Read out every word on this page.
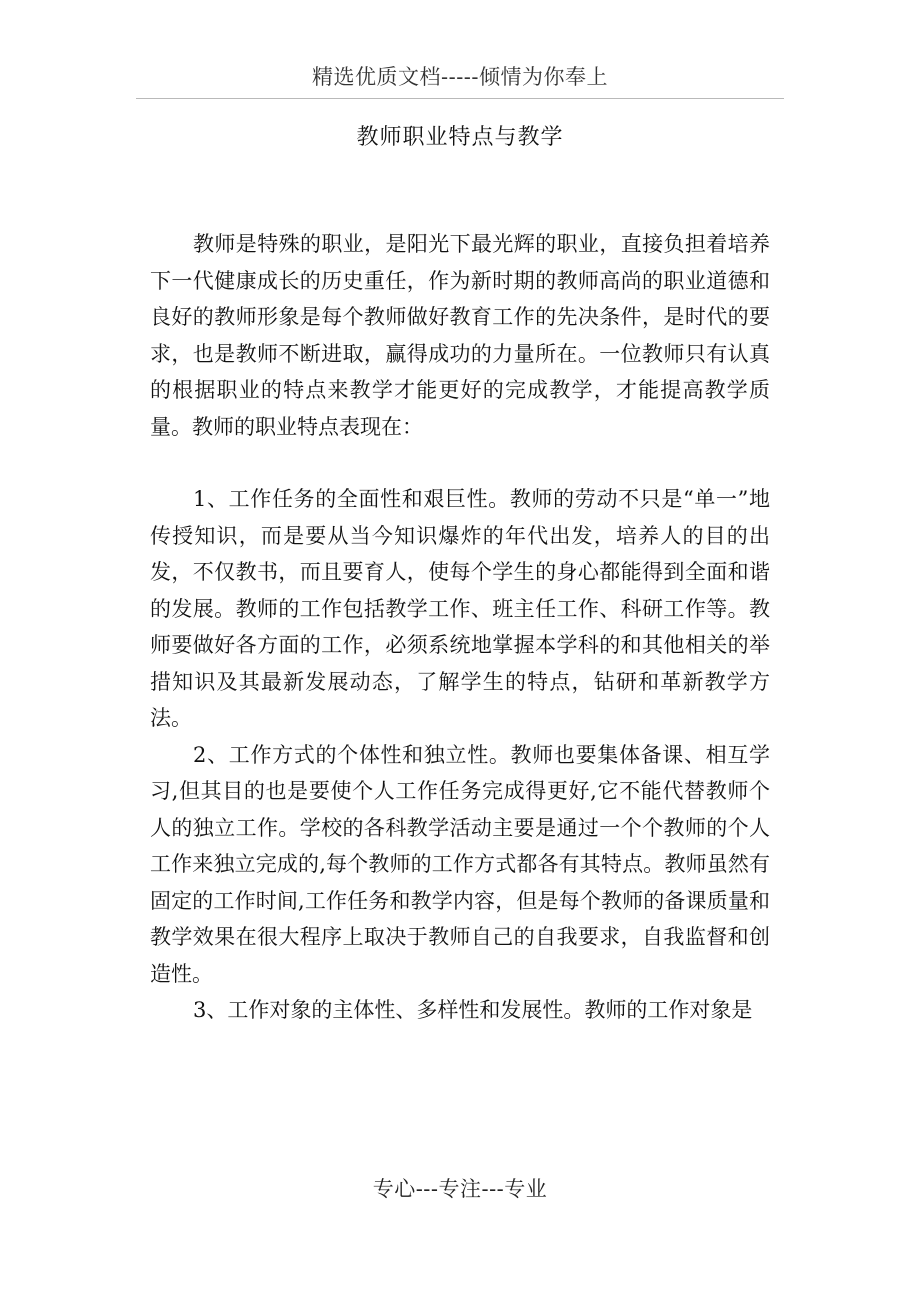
精选优质文档-----倾情为你奉上
教师职业特点与教学

教师是特殊的职业，是阳光下最光辉的职业，直接负担着培养下一代健康成长的历史重任，作为新时期的教师高尚的职业道德和良好的教师形象是每个教师做好教育工作的先决条件，是时代的要求，也是教师不断进取，赢得成功的力量所在。一位教师只有认真的根据职业的特点来教学才能更好的完成教学，才能提高教学质量。教师的职业特点表现在：

1、工作任务的全面性和艰巨性。教师的劳动不只是“单一”地传授知识，而是要从当今知识爆炸的年代出发，培养人的目的出发，不仅教书，而且要育人，使每个学生的身心都能得到全面和谐的发展。教师的工作包括教学工作、班主任工作、科研工作等。教师要做好各方面的工作，必须系统地掌握本学科的和其他相关的举措知识及其最新发展动态，了解学生的特点，钻研和革新教学方法。

2、工作方式的个体性和独立性。教师也要集体备课、相互学习,但其目的也是要使个人工作任务完成得更好,它不能代替教师个人的独立工作。学校的各科教学活动主要是通过一个个教师的个人工作来独立完成的,每个教师的工作方式都各有其特点。教师虽然有固定的工作时间,工作任务和教学内容，但是每个教师的备课质量和教学效果在很大程序上取决于教师自己的自我要求，自我监督和创造性。

3、工作对象的主体性、多样性和发展性。教师的工作对象是

专心---专注---专业
